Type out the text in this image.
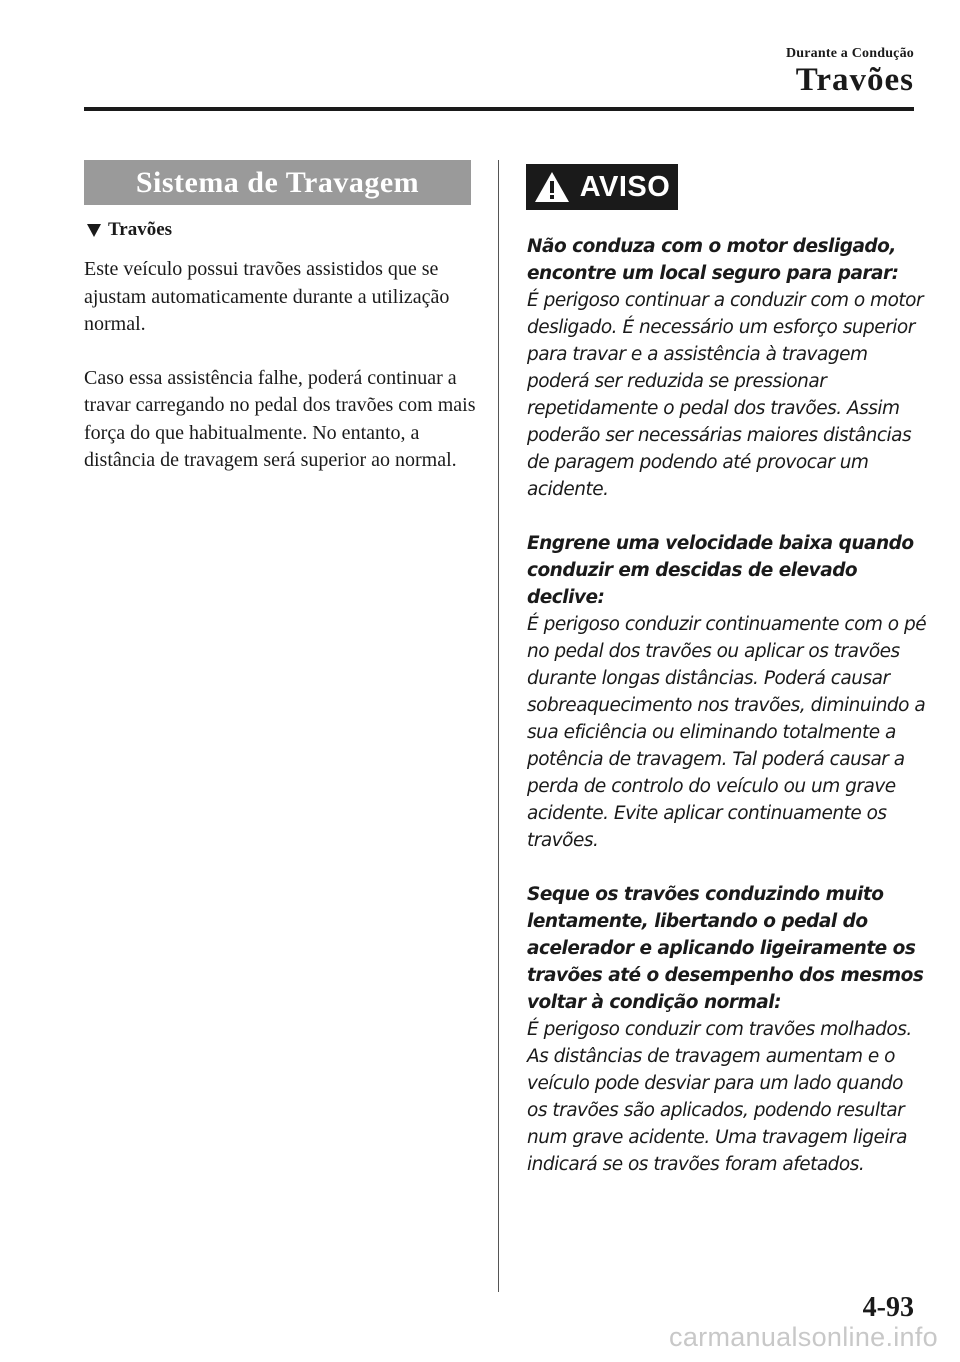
Durante a Condução
Travões
Sistema de Travagem
Travões

Este veículo possui travões assistidos que se ajustam automaticamente durante a utilização normal.

Caso essa assistência falhe, poderá continuar a travar carregando no pedal dos travões com mais força do que habitualmente. No entanto, a distância de travagem será superior ao normal.

AVISO
Não conduza com o motor desligado, encontre um local seguro para parar:
É perigoso continuar a conduzir com o motor desligado. É necessário um esforço superior para travar e a assistência à travagem poderá ser reduzida se pressionar repetidamente o pedal dos travões. Assim poderão ser necessárias maiores distâncias de paragem podendo até provocar um acidente.
Engrene uma velocidade baixa quando conduzir em descidas de elevado declive:
É perigoso conduzir continuamente com o pé no pedal dos travões ou aplicar os travões durante longas distâncias. Poderá causar sobreaquecimento nos travões, diminuindo a sua eficiência ou eliminando totalmente a potência de travagem. Tal poderá causar a perda de controlo do veículo ou um grave acidente. Evite aplicar continuamente os travões.
Seque os travões conduzindo muito lentamente, libertando o pedal do acelerador e aplicando ligeiramente os travões até o desempenho dos mesmos voltar à condição normal:
É perigoso conduzir com travões molhados. As distâncias de travagem aumentam e o veículo pode desviar para um lado quando os travões são aplicados, podendo resultar num grave acidente. Uma travagem ligeira indicará se os travões foram afetados.
4-93
carmanualsonline.info
